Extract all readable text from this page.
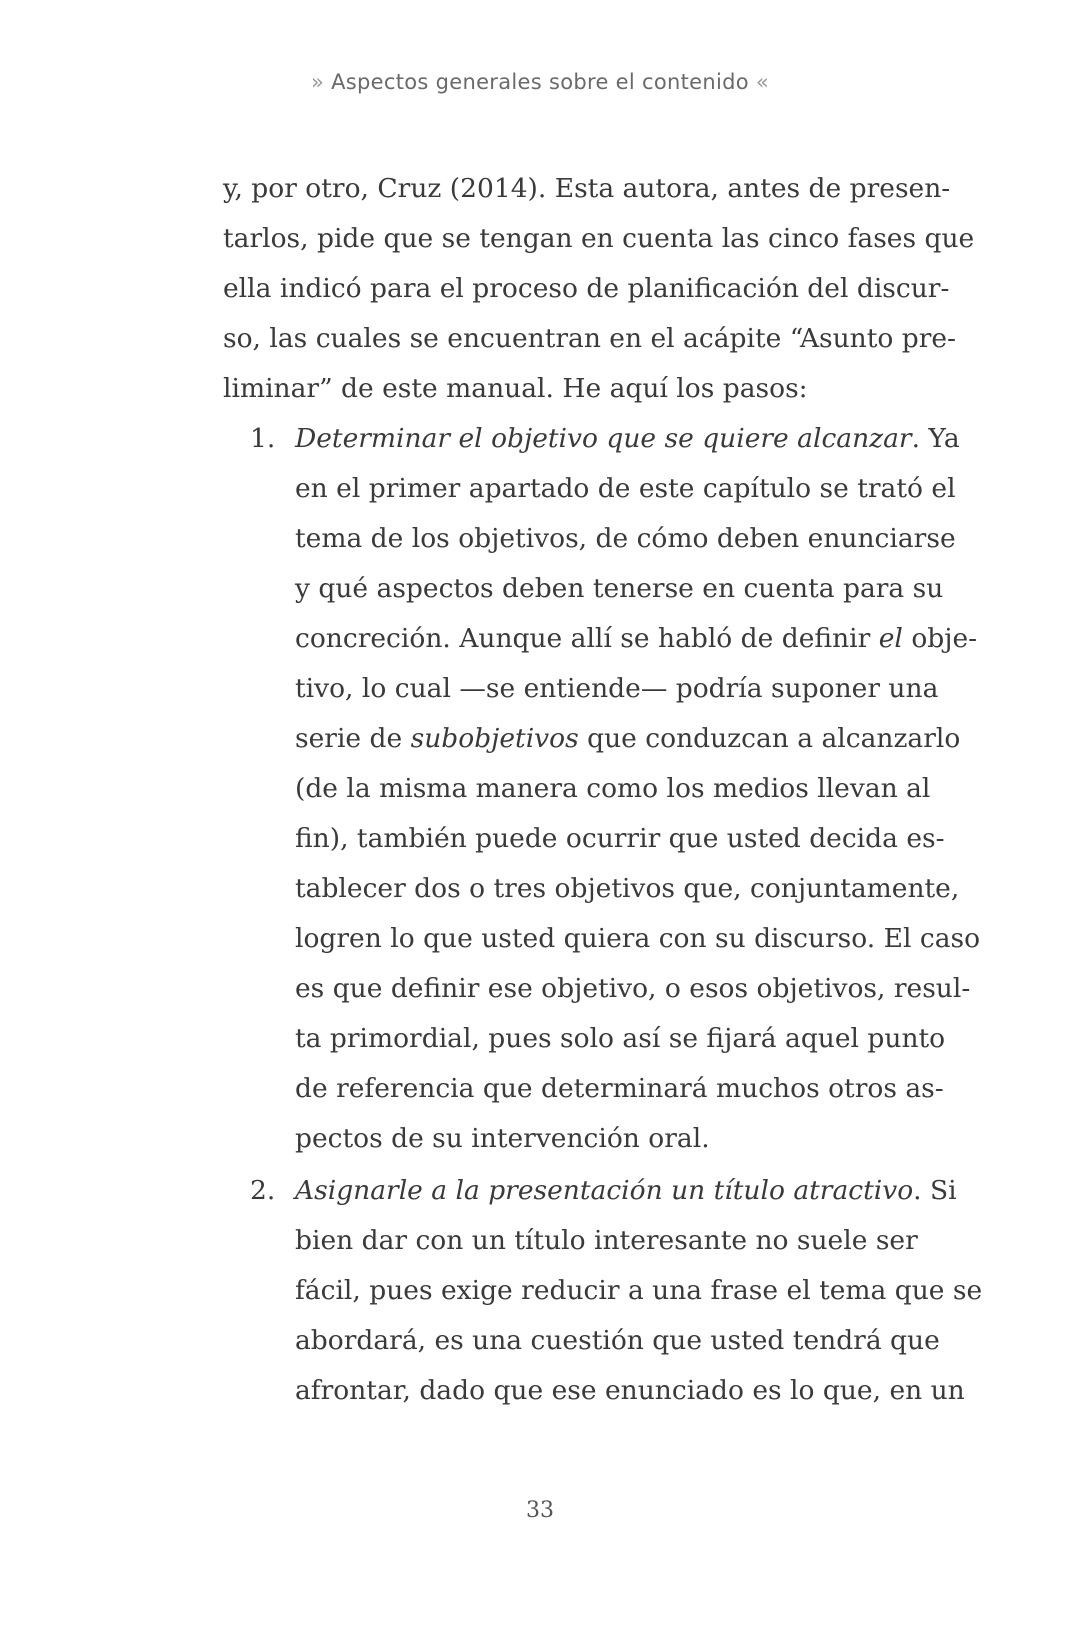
» Aspectos generales sobre el contenido «
y, por otro, Cruz (2014). Esta autora, antes de presen-
tarlos, pide que se tengan en cuenta las cinco fases que
ella indicó para el proceso de planificación del discur-
so, las cuales se encuentran en el acápite “Asunto pre-
liminar” de este manual. He aquí los pasos:
1. Determinar el objetivo que se quiere alcanzar. Ya
en el primer apartado de este capítulo se trató el
tema de los objetivos, de cómo deben enunciarse
y qué aspectos deben tenerse en cuenta para su
concreción. Aunque allí se habló de definir el obje-
tivo, lo cual —se entiende— podría suponer una
serie de subobjetivos que conduzcan a alcanzarlo
(de la misma manera como los medios llevan al
fin), también puede ocurrir que usted decida es-
tablecer dos o tres objetivos que, conjuntamente,
logren lo que usted quiera con su discurso. El caso
es que definir ese objetivo, o esos objetivos, resul-
ta primordial, pues solo así se fijará aquel punto
de referencia que determinará muchos otros as-
pectos de su intervención oral.
2. Asignarle a la presentación un título atractivo. Si
bien dar con un título interesante no suele ser
fácil, pues exige reducir a una frase el tema que se
abordará, es una cuestión que usted tendrá que
afrontar, dado que ese enunciado es lo que, en un
33
